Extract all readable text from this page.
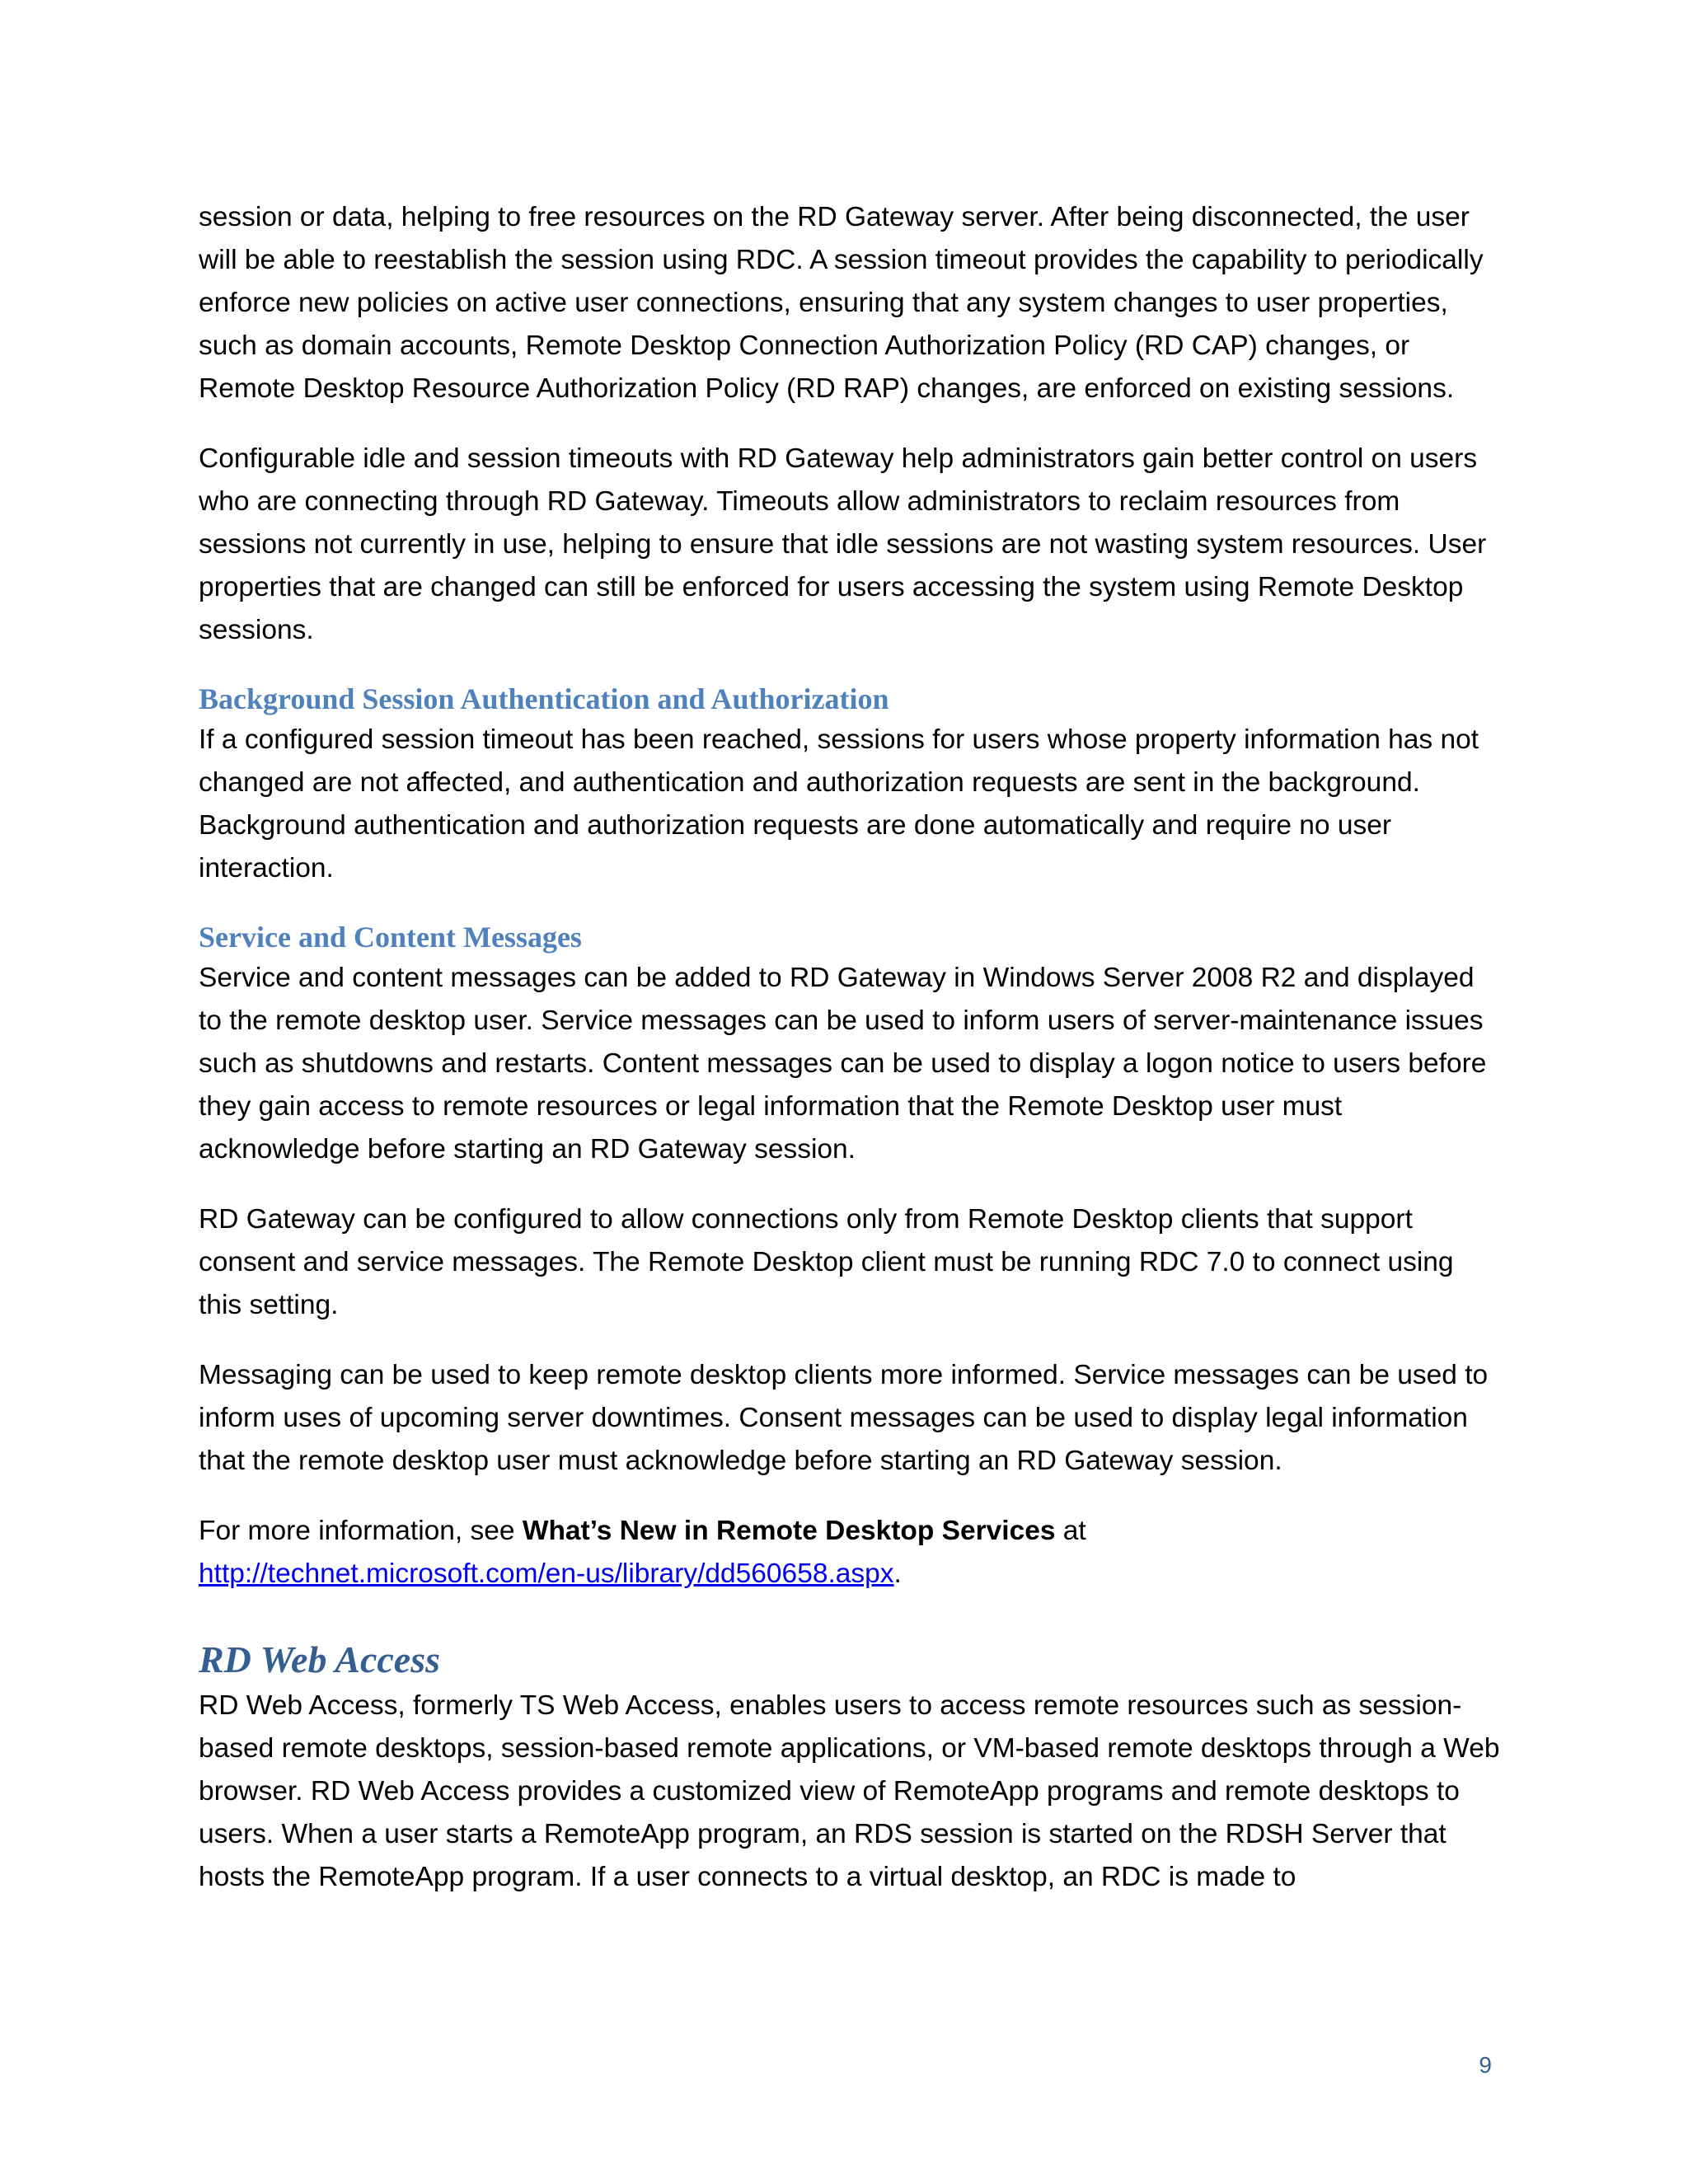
session or data, helping to free resources on the RD Gateway server. After being disconnected, the user will be able to reestablish the session using RDC. A session timeout provides the capability to periodically enforce new policies on active user connections, ensuring that any system changes to user properties, such as domain accounts, Remote Desktop Connection Authorization Policy (RD CAP) changes, or Remote Desktop Resource Authorization Policy (RD RAP) changes, are enforced on existing sessions.

Configurable idle and session timeouts with RD Gateway help administrators gain better control on users who are connecting through RD Gateway. Timeouts allow administrators to reclaim resources from sessions not currently in use, helping to ensure that idle sessions are not wasting system resources. User properties that are changed can still be enforced for users accessing the system using Remote Desktop sessions.

Background Session Authentication and Authorization

If a configured session timeout has been reached, sessions for users whose property information has not changed are not affected, and authentication and authorization requests are sent in the background. Background authentication and authorization requests are done automatically and require no user interaction.

Service and Content Messages

Service and content messages can be added to RD Gateway in Windows Server 2008 R2 and displayed to the remote desktop user. Service messages can be used to inform users of server-maintenance issues such as shutdowns and restarts. Content messages can be used to display a logon notice to users before they gain access to remote resources or legal information that the Remote Desktop user must acknowledge before starting an RD Gateway session.

RD Gateway can be configured to allow connections only from Remote Desktop clients that support consent and service messages. The Remote Desktop client must be running RDC 7.0 to connect using this setting.

Messaging can be used to keep remote desktop clients more informed. Service messages can be used to inform uses of upcoming server downtimes. Consent messages can be used to display legal information that the remote desktop user must acknowledge before starting an RD Gateway session.

For more information, see What’s New in Remote Desktop Services at
http://technet.microsoft.com/en-us/library/dd560658.aspx.

RD Web Access

RD Web Access, formerly TS Web Access, enables users to access remote resources such as session-based remote desktops, session-based remote applications, or VM-based remote desktops through a Web browser. RD Web Access provides a customized view of RemoteApp programs and remote desktops to users. When a user starts a RemoteApp program, an RDS session is started on the RDSH Server that hosts the RemoteApp program. If a user connects to a virtual desktop, an RDC is made to

9
